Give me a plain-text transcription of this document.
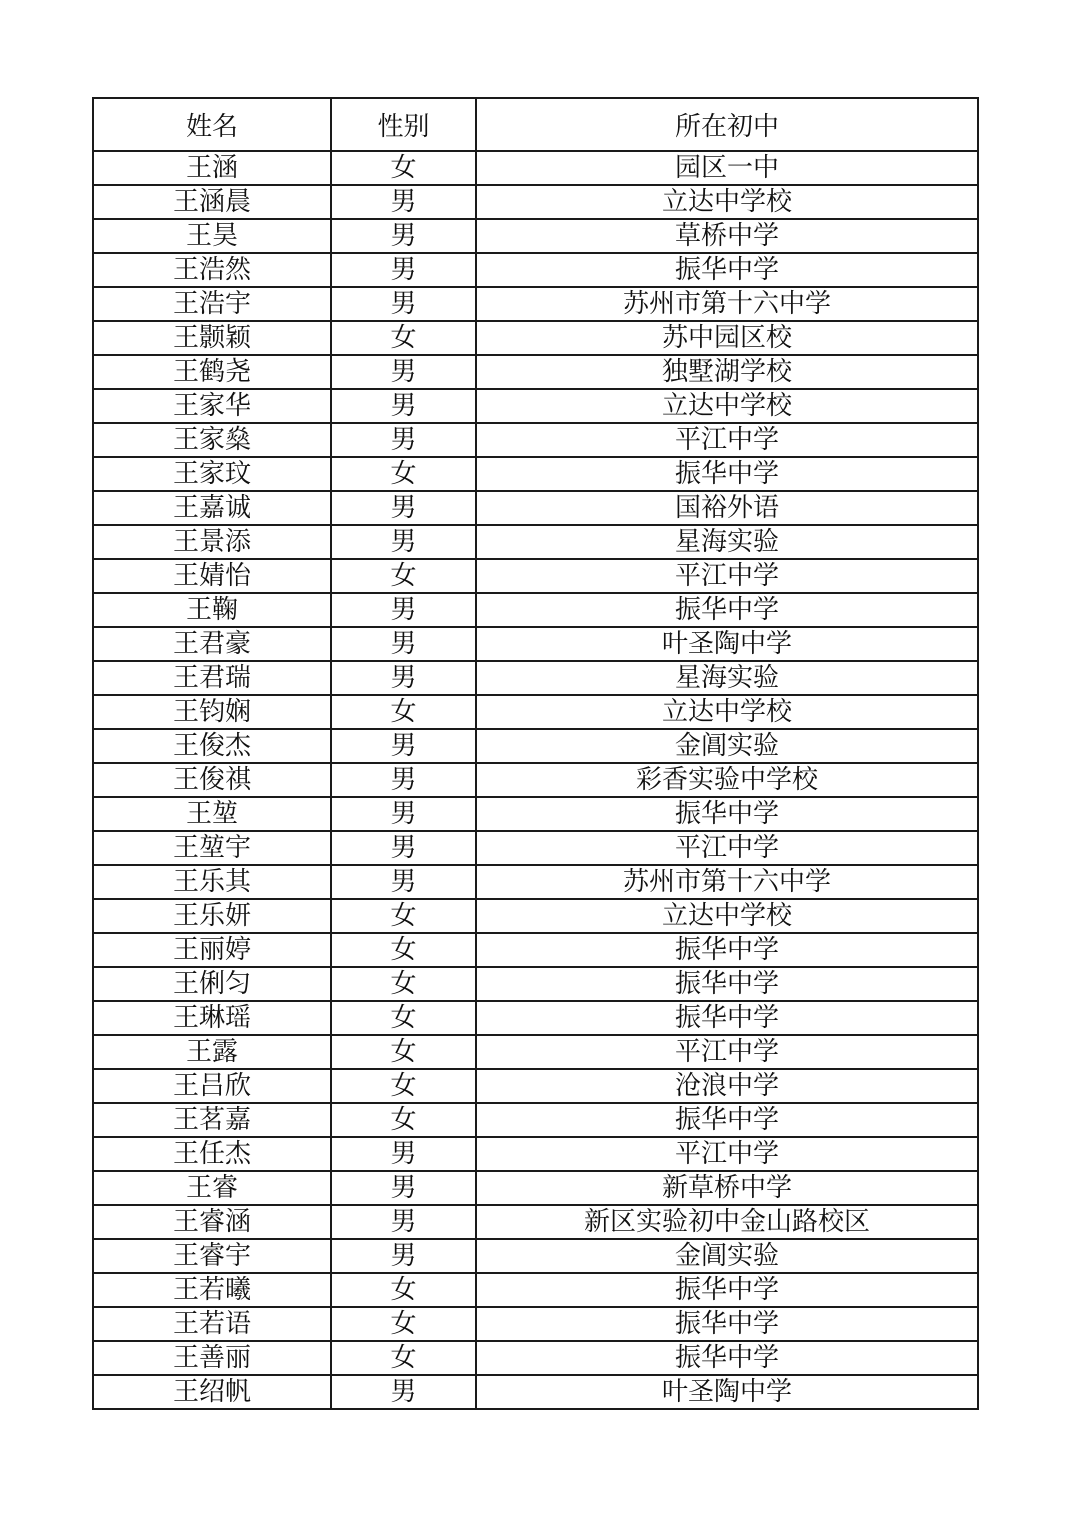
姓名	性别	所在初中
王涵	女	园区一中
王涵晨	男	立达中学校
王昊	男	草桥中学
王浩然	男	振华中学
王浩宇	男	苏州市第十六中学
王颢颖	女	苏中园区校
王鹤尧	男	独墅湖学校
王家华	男	立达中学校
王家燊	男	平江中学
王家玟	女	振华中学
王嘉诚	男	国裕外语
王景添	男	星海实验
王婧怡	女	平江中学
王鞠	男	振华中学
王君豪	男	叶圣陶中学
王君瑞	男	星海实验
王钧娴	女	立达中学校
王俊杰	男	金阊实验
王俊祺	男	彩香实验中学校
王堃	男	振华中学
王堃宇	男	平江中学
王乐其	男	苏州市第十六中学
王乐妍	女	立达中学校
王丽婷	女	振华中学
王俐匀	女	振华中学
王琳瑶	女	振华中学
王露	女	平江中学
王吕欣	女	沧浪中学
王茗嘉	女	振华中学
王任杰	男	平江中学
王睿	男	新草桥中学
王睿涵	男	新区实验初中金山路校区
王睿宇	男	金阊实验
王若曦	女	振华中学
王若语	女	振华中学
王善丽	女	振华中学
王绍帆	男	叶圣陶中学
